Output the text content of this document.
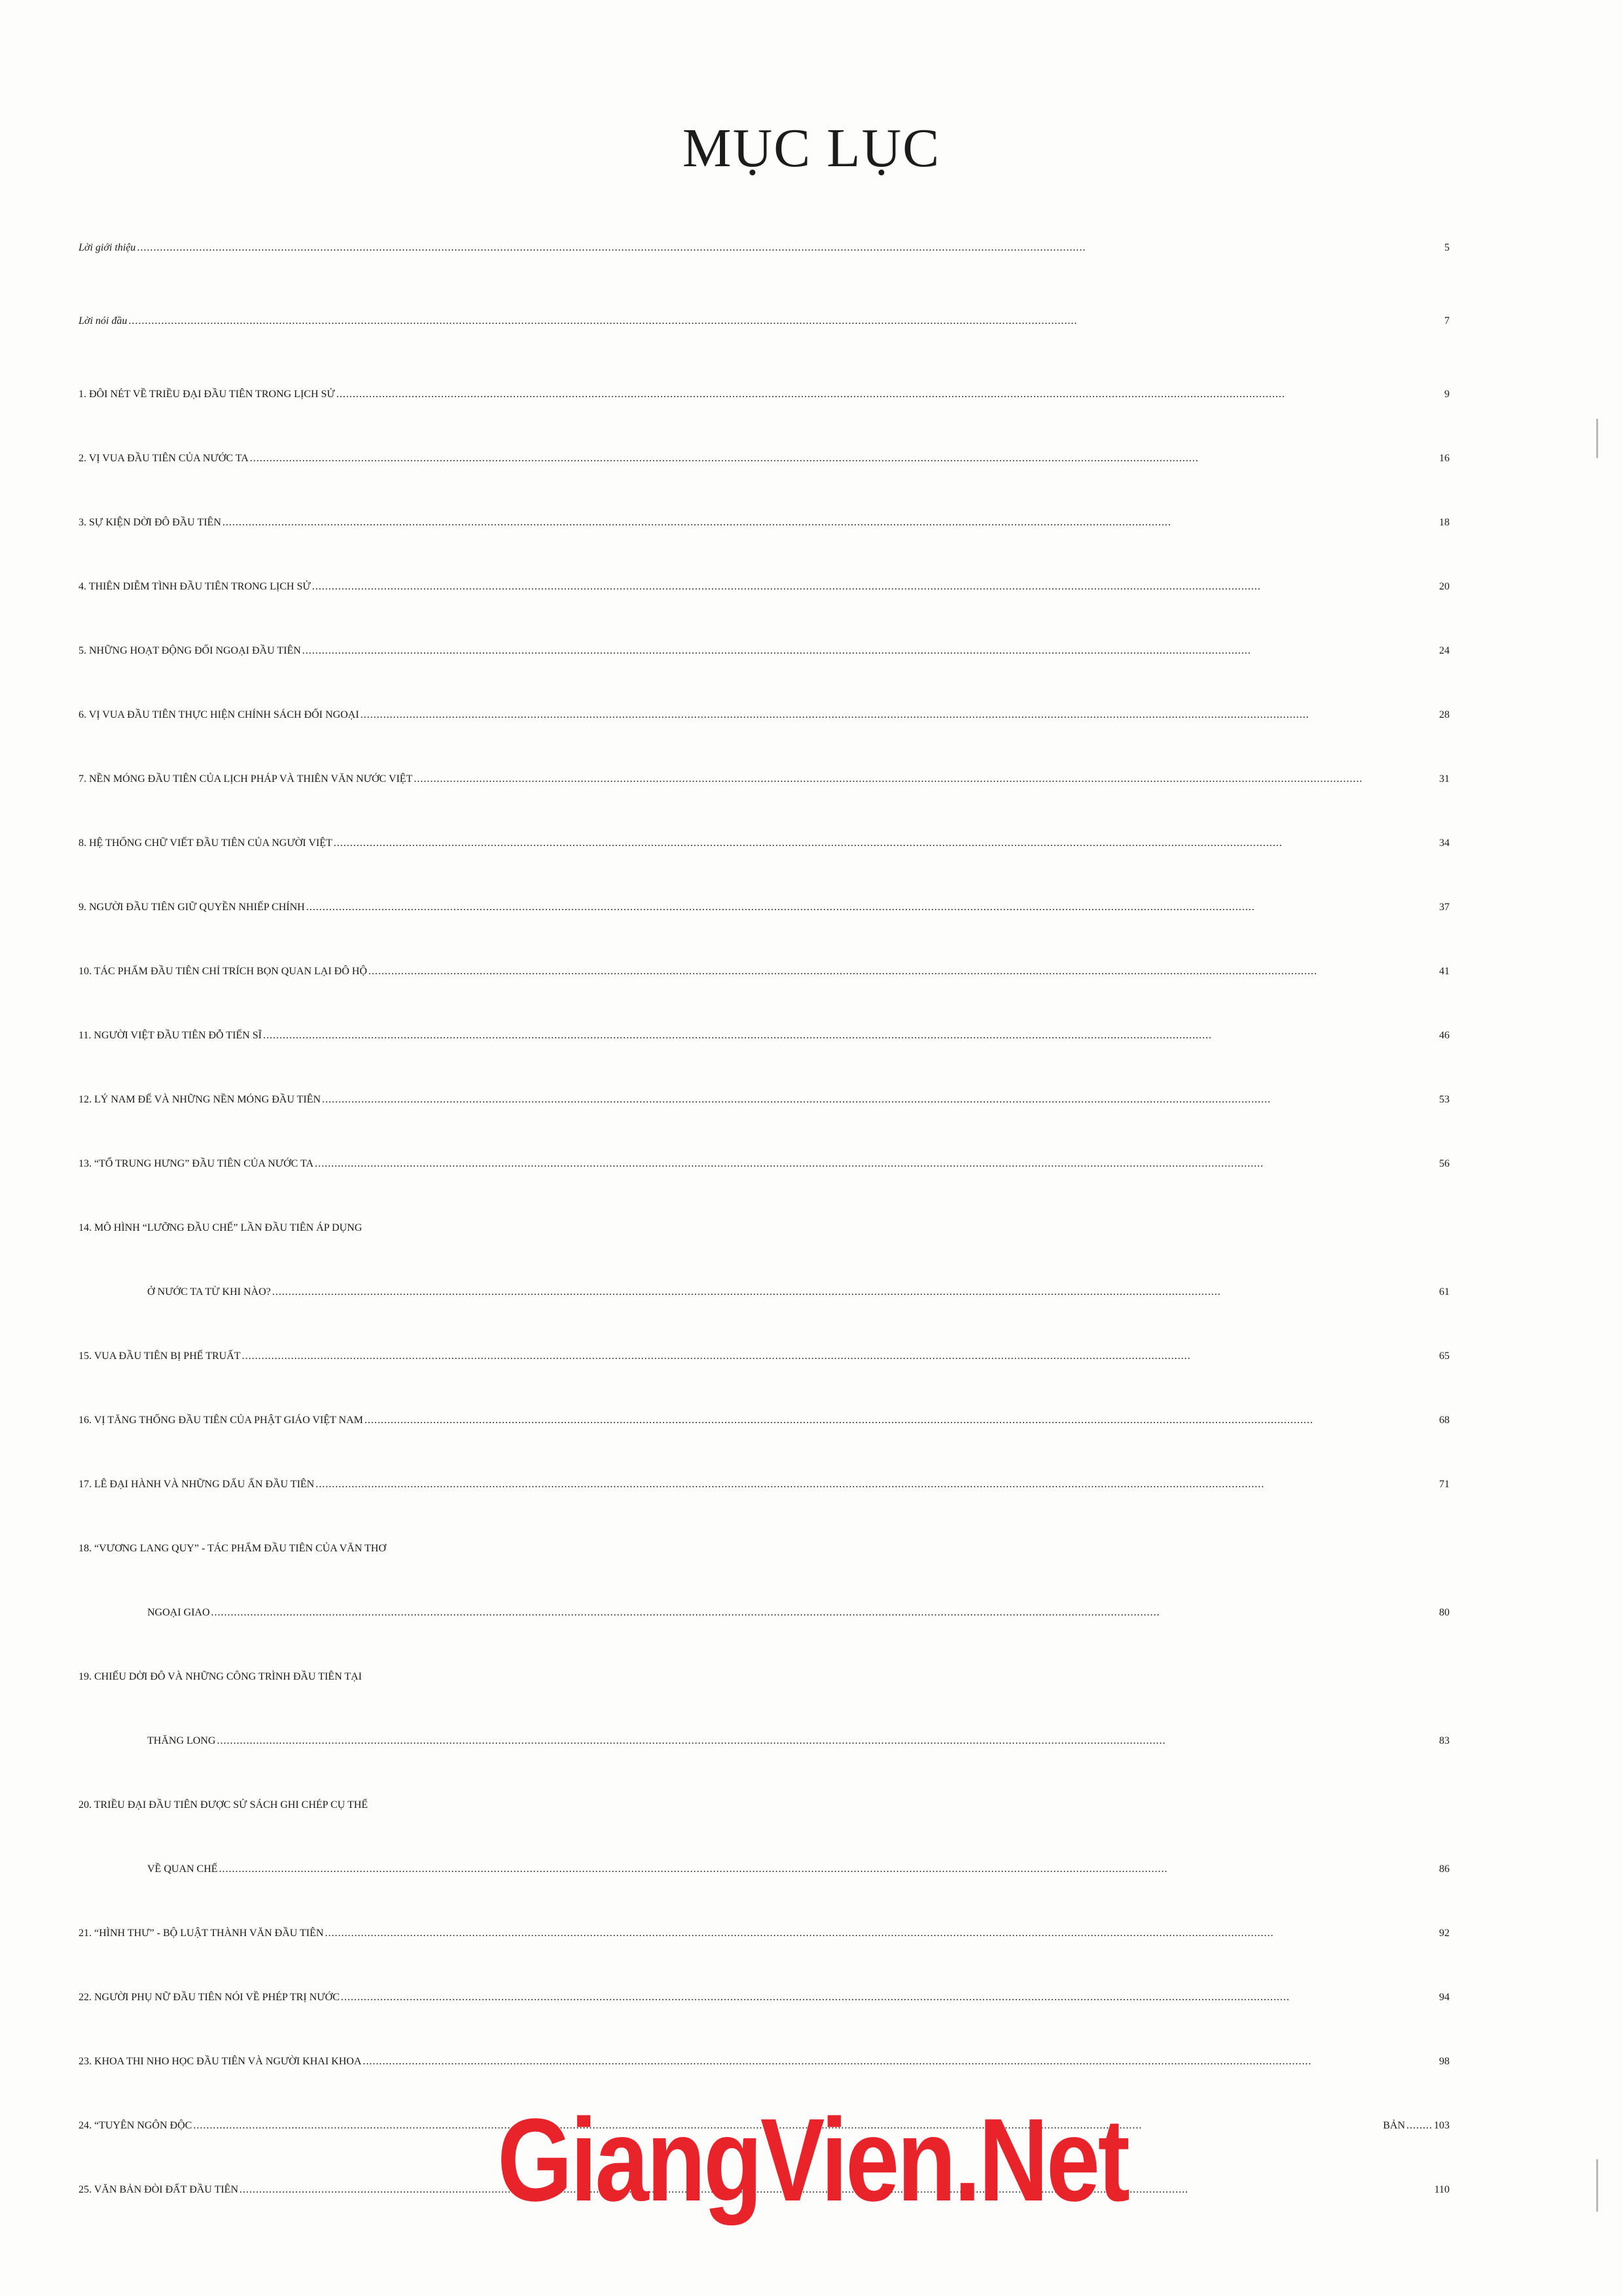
MỤC LỤC
Lời giới thiệu .....	5
Lời nói đầu .....	7
1. ĐÔI NÉT VỀ TRIỀU ĐẠI ĐẦU TIÊN TRONG LỊCH SỬ .....	9
2. VỊ VUA ĐẦU TIÊN CỦA NƯỚC TA .....	16
3. SỰ KIỆN DỜI ĐÔ ĐẦU TIÊN .....	18
4. THIÊN DIỄM TÌNH ĐẦU TIÊN TRONG LỊCH SỬ .....	20
5. NHỮNG HOẠT ĐỘNG ĐỐI NGOẠI ĐẦU TIÊN .....	24
6. VỊ VUA ĐẦU TIÊN THỰC HIỆN CHÍNH SÁCH ĐỐI NGOẠI .....	28
7. NỀN MÓNG ĐẦU TIÊN CỦA LỊCH PHÁP VÀ THIÊN VĂN NƯỚC VIỆT .....	31
8. HỆ THỐNG CHỮ VIẾT ĐẦU TIÊN CỦA NGƯỜI VIỆT .....	34
9. NGƯỜI ĐẦU TIÊN GIỮ QUYỀN NHIẾP CHÍNH .....	37
10. TÁC PHẨM ĐẦU TIÊN CHỈ TRÍCH BỌN QUAN LẠI ĐÔ HỘ .....	41
11. NGƯỜI VIỆT ĐẦU TIÊN ĐỖ TIẾN SĨ .....	46
12. LÝ NAM ĐẾ VÀ NHỮNG NỀN MÓNG ĐẦU TIÊN .....	53
13. “TỔ TRUNG HƯNG” ĐẦU TIÊN CỦA NƯỚC TA .....	56
14. MÔ HÌNH “LƯỠNG ĐẦU CHẾ” LẦN ĐẦU TIÊN ÁP DỤNG
Ở NƯỚC TA TỪ KHI NÀO? .....	61
15. VUA ĐẦU TIÊN BỊ PHẾ TRUẤT .....	65
16. VỊ TĂNG THỐNG ĐẦU TIÊN CỦA PHẬT GIÁO VIỆT NAM .....	68
17. LÊ ĐẠI HÀNH VÀ NHỮNG DẤU ẤN ĐẦU TIÊN .....	71
18. “VƯƠNG LANG QUY” - TÁC PHẨM ĐẦU TIÊN CỦA VĂN THƠ
NGOẠI GIAO .....	80
19. CHIẾU DỜI ĐÔ VÀ NHỮNG CÔNG TRÌNH ĐẦU TIÊN TẠI
THĂNG LONG .....	83
20. TRIỀU ĐẠI ĐẦU TIÊN ĐƯỢC SỬ SÁCH GHI CHÉP CỤ THỂ
VỀ QUAN CHẾ .....	86
21. “HÌNH THƯ” - BỘ LUẬT THÀNH VĂN ĐẦU TIÊN .....	92
22. NGƯỜI PHỤ NỮ ĐẦU TIÊN NÓI VỀ PHÉP TRỊ NƯỚC .....	94
23. KHOA THI NHO HỌC ĐẦU TIÊN VÀ NGƯỜI KHAI KHOA .....	98
24. “TUYÊN NGÔN ĐỘC .....	BẢN .....	103
25. VĂN BẢN ĐÒI ĐẤT ĐẦU TIÊN .....	110
GiangVien.Net
